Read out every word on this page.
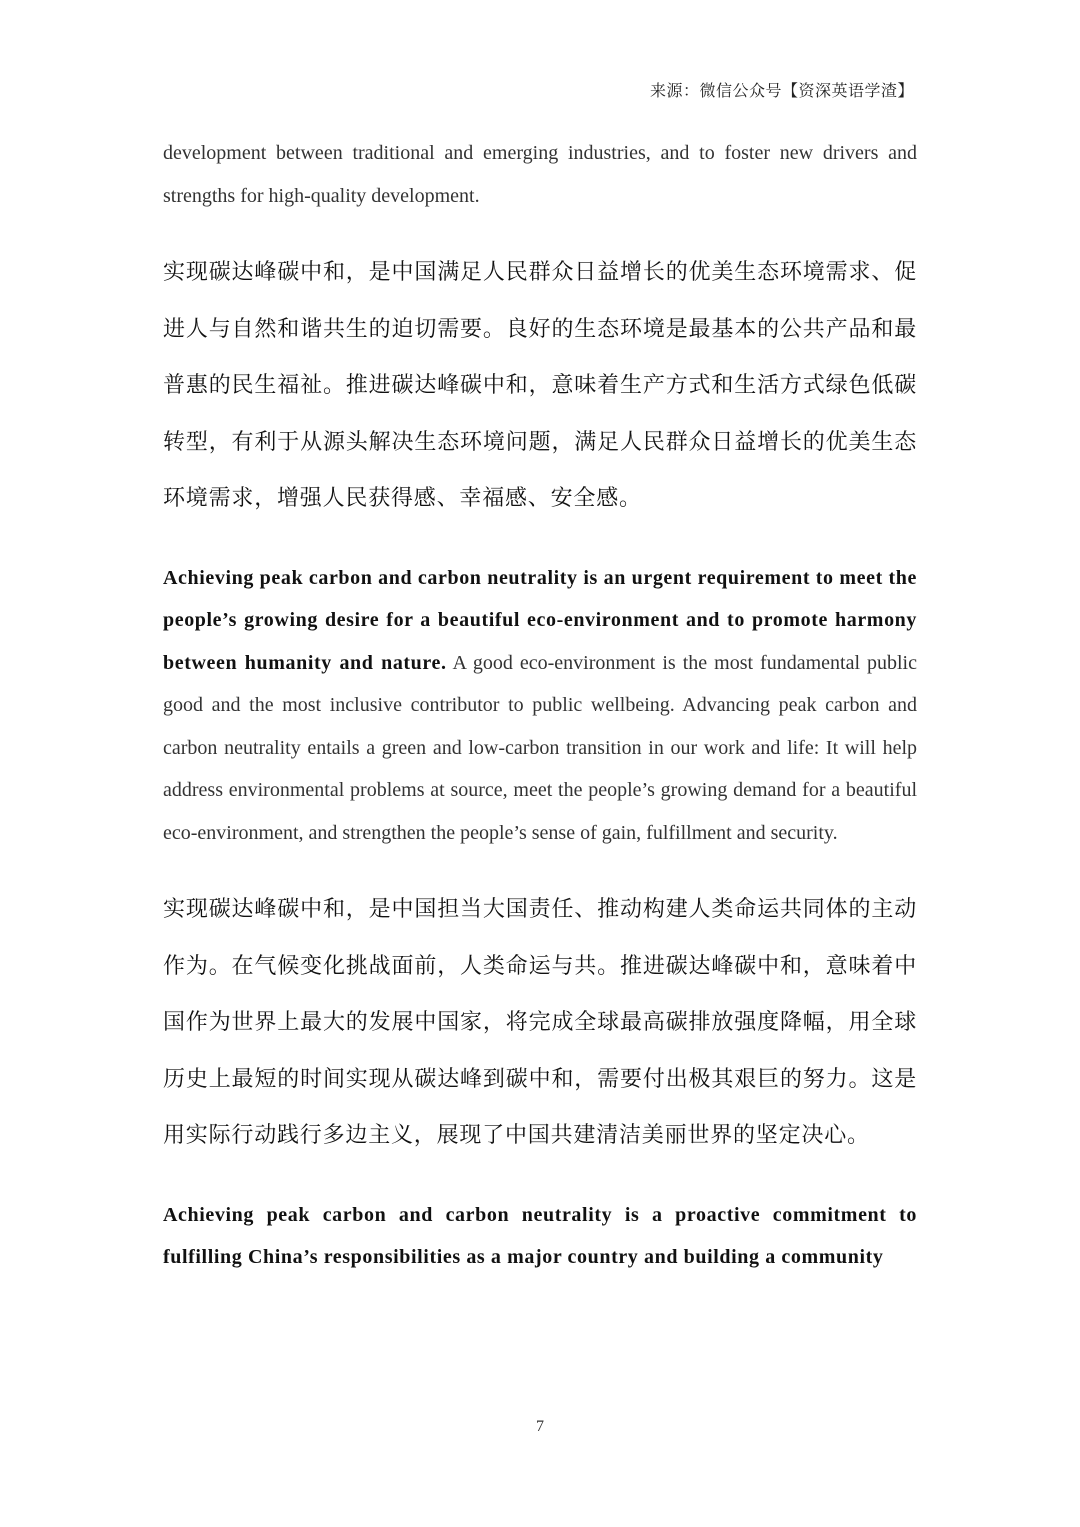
来源：微信公众号【资深英语学渣】

development between traditional and emerging industries, and to foster new drivers and strengths for high-quality development.

实现碳达峰碳中和，是中国满足人民群众日益增长的优美生态环境需求、促进人与自然和谐共生的迫切需要。良好的生态环境是最基本的公共产品和最普惠的民生福祉。推进碳达峰碳中和，意味着生产方式和生活方式绿色低碳转型，有利于从源头解决生态环境问题，满足人民群众日益增长的优美生态环境需求，增强人民获得感、幸福感、安全感。

Achieving peak carbon and carbon neutrality is an urgent requirement to meet the people’s growing desire for a beautiful eco-environment and to promote harmony between humanity and nature. A good eco-environment is the most fundamental public good and the most inclusive contributor to public wellbeing. Advancing peak carbon and carbon neutrality entails a green and low-carbon transition in our work and life: It will help address environmental problems at source, meet the people’s growing demand for a beautiful eco-environment, and strengthen the people’s sense of gain, fulfillment and security.

实现碳达峰碳中和，是中国担当大国责任、推动构建人类命运共同体的主动作为。在气候变化挑战面前，人类命运与共。推进碳达峰碳中和，意味着中国作为世界上最大的发展中国家，将完成全球最高碳排放强度降幅，用全球历史上最短的时间实现从碳达峰到碳中和，需要付出极其艰巨的努力。这是用实际行动践行多边主义，展现了中国共建清洁美丽世界的坚定决心。

Achieving peak carbon and carbon neutrality is a proactive commitment to fulfilling China’s responsibilities as a major country and building a community

7
